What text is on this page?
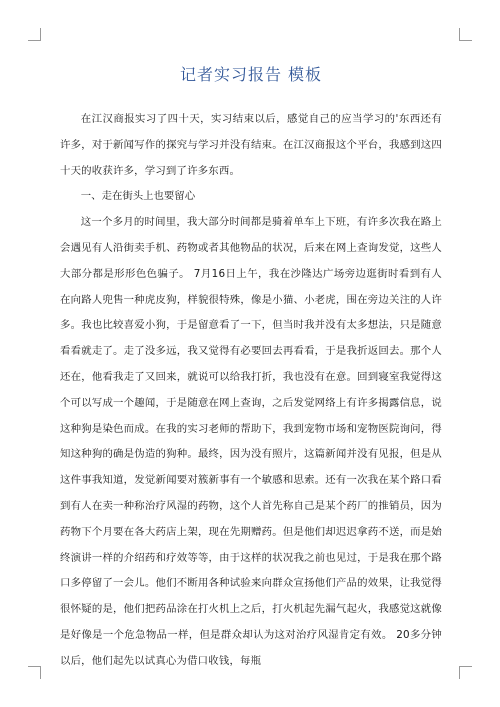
记者实习报告 模板

在江汉商报实习了四十天，实习结束以后，感觉自己的应当学习的'东西还有许多，对于新闻写作的探究与学习并没有结束。在江汉商报这个平台，我感到这四十天的收获许多，学习到了许多东西。

一、走在街头上也要留心

这一个多月的时间里，我大部分时间都是骑着单车上下班，有许多次我在路上会遇见有人沿街卖手机、药物或者其他物品的状况，后来在网上查询发觉，这些人大部分都是形形色色骗子。 7月16日上午，我在沙隆达广场旁边逛街时看到有人在向路人兜售一种虎皮狗，样貌很特殊，像是小猫、小老虎，围在旁边关注的人许多。我也比较喜爱小狗，于是留意看了一下，但当时我并没有太多想法，只是随意看看就走了。走了没多远，我又觉得有必要回去再看看，于是我折返回去。那个人还在，他看我走了又回来，就说可以给我打折，我也没有在意。回到寝室我觉得这个可以写成一个趣闻，于是随意在网上查询，之后发觉网络上有许多揭露信息，说这种狗是染色而成。在我的实习老师的帮助下，我到宠物市场和宠物医院询问，得知这种狗的确是伪造的狗种。最终，因为没有照片，这篇新闻并没有见报，但是从这件事我知道，发觉新闻要对簇新事有一个敏感和思索。还有一次我在某个路口看到有人在卖一种称治疗风湿的药物，这个人首先称自己是某个药厂的推销员，因为药物下个月要在各大药店上架，现在先期赠药。但是他们却迟迟拿药不送，而是始终演讲一样的介绍药和疗效等等，由于这样的状况我之前也见过，于是我在那个路口多停留了一会儿。他们不断用各种试验来向群众宣扬他们产品的效果，让我觉得很怀疑的是，他们把药品涂在打火机上之后，打火机起先漏气起火，我感觉这就像是好像是一个危急物品一样，但是群众却认为这对治疗风湿肯定有效。 20多分钟以后，他们起先以试真心为借口收钱，每瓶
